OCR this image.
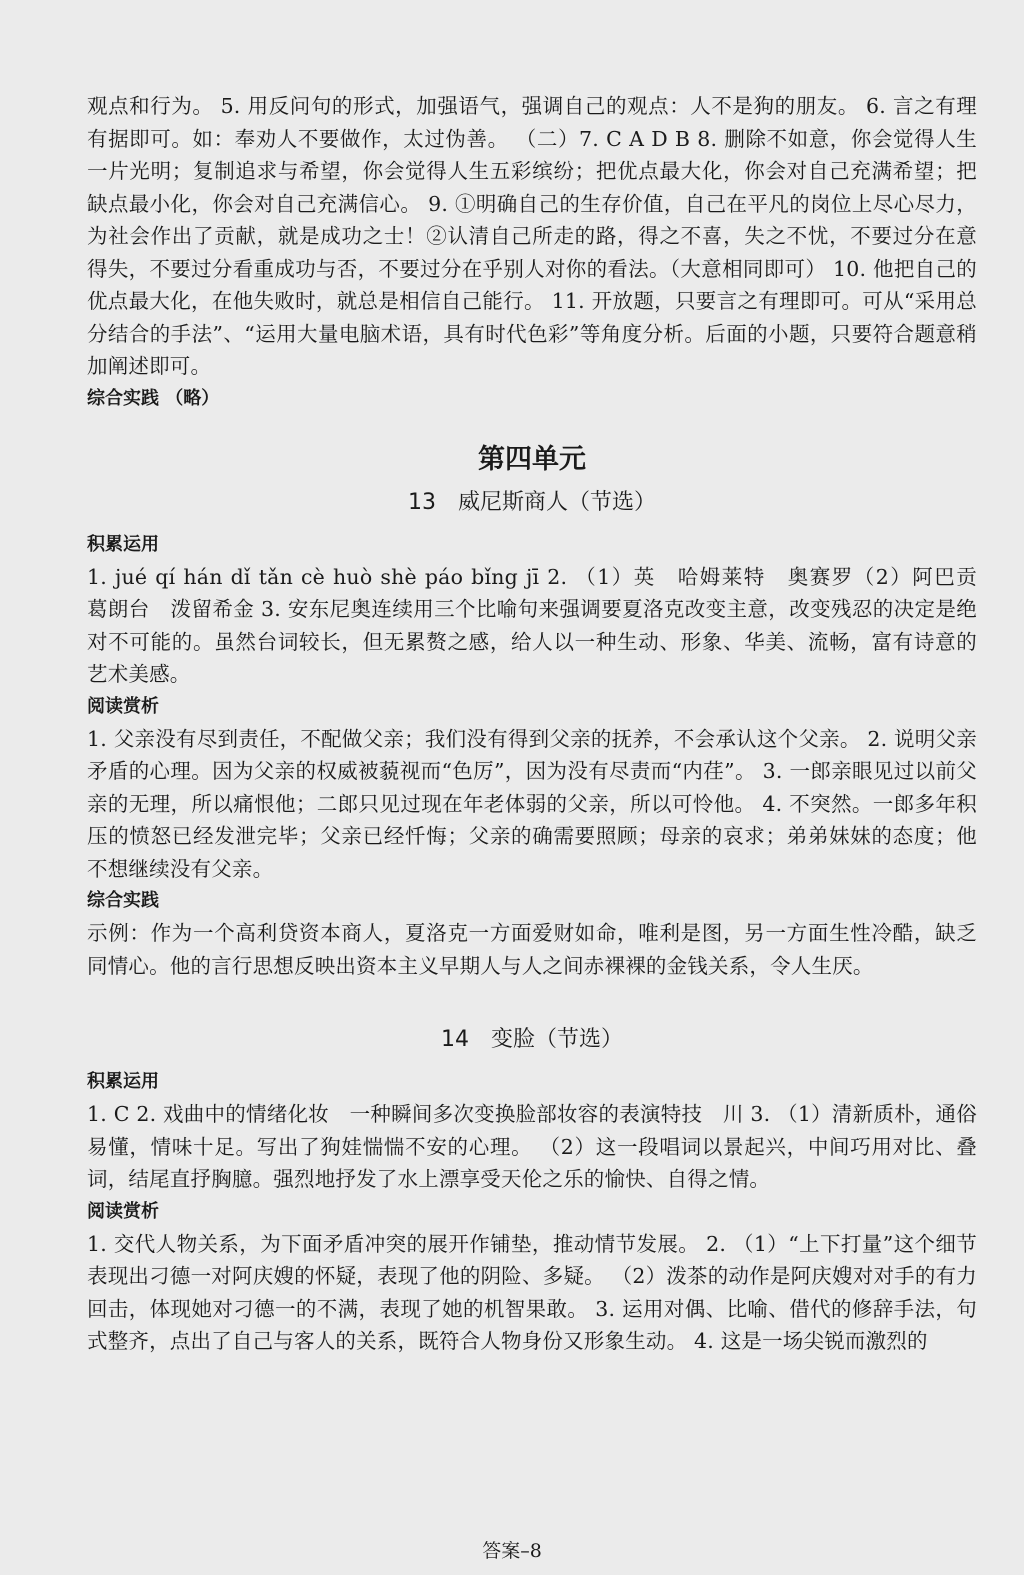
观点和行为。 5. 用反问句的形式，加强语气，强调自己的观点：人不是狗的朋友。 6. 言之有理有据即可。如：奉劝人不要做作，太过伪善。 （二）7. C A D B 8. 删除不如意，你会觉得人生一片光明；复制追求与希望，你会觉得人生五彩缤纷；把优点最大化，你会对自己充满希望；把缺点最小化，你会对自己充满信心。 9. ①明确自己的生存价值，自己在平凡的岗位上尽心尽力，为社会作出了贡献，就是成功之士！②认清自己所走的路，得之不喜，失之不忧，不要过分在意得失，不要过分看重成功与否，不要过分在乎别人对你的看法。（大意相同即可） 10. 他把自己的优点最大化，在他失败时，就总是相信自己能行。 11. 开放题，只要言之有理即可。可从“采用总分结合的手法”、“运用大量电脑术语，具有时代色彩”等角度分析。后面的小题，只要符合题意稍加阐述即可。

综合实践 （略）

第四单元

13　威尼斯商人（节选）

积累运用

1. jué qí hán dǐ tǎn cè huò shè páo bǐng jī 2. （1）英　哈姆莱特　奥赛罗（2）阿巴贡　葛朗台　泼留希金 3. 安东尼奥连续用三个比喻句来强调要夏洛克改变主意，改变残忍的决定是绝对不可能的。虽然台词较长，但无累赘之感，给人以一种生动、形象、华美、流畅，富有诗意的艺术美感。

阅读赏析

1. 父亲没有尽到责任，不配做父亲；我们没有得到父亲的抚养，不会承认这个父亲。 2. 说明父亲矛盾的心理。因为父亲的权威被藐视而“色厉”，因为没有尽责而“内荏”。 3. 一郎亲眼见过以前父亲的无理，所以痛恨他；二郎只见过现在年老体弱的父亲，所以可怜他。 4. 不突然。一郎多年积压的愤怒已经发泄完毕；父亲已经忏悔；父亲的确需要照顾；母亲的哀求；弟弟妹妹的态度；他不想继续没有父亲。

综合实践

示例：作为一个高利贷资本商人，夏洛克一方面爱财如命，唯利是图，另一方面生性冷酷，缺乏同情心。他的言行思想反映出资本主义早期人与人之间赤裸裸的金钱关系，令人生厌。

14　变脸（节选）

积累运用

1. C 2. 戏曲中的情绪化妆　一种瞬间多次变换脸部妆容的表演特技　川 3. （1）清新质朴，通俗易懂，情味十足。写出了狗娃惴惴不安的心理。 （2）这一段唱词以景起兴，中间巧用对比、叠词，结尾直抒胸臆。强烈地抒发了水上漂享受天伦之乐的愉快、自得之情。

阅读赏析

1. 交代人物关系，为下面矛盾冲突的展开作铺垫，推动情节发展。 2. （1）“上下打量”这个细节表现出刁德一对阿庆嫂的怀疑，表现了他的阴险、多疑。 （2）泼茶的动作是阿庆嫂对对手的有力回击，体现她对刁德一的不满，表现了她的机智果敢。 3. 运用对偶、比喻、借代的修辞手法，句式整齐，点出了自己与客人的关系，既符合人物身份又形象生动。 4. 这是一场尖锐而激烈的

答案–8
